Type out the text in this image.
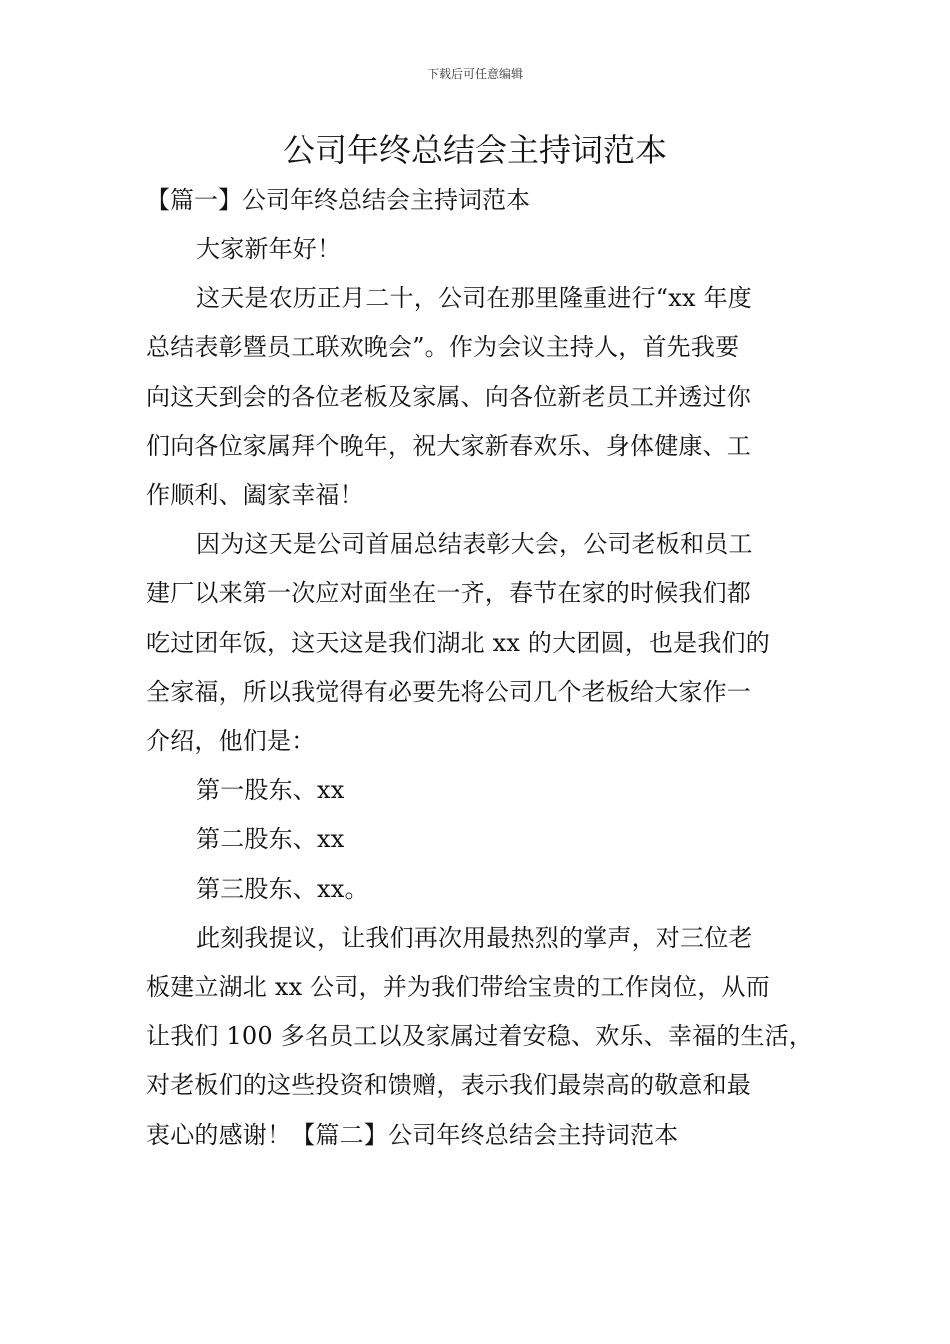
下载后可任意编辑
公司年终总结会主持词范本
【篇一】公司年终总结会主持词范本

大家新年好！

这天是农历正月二十，公司在那里隆重进行“xx 年度
总结表彰暨员工联欢晚会”。作为会议主持人，首先我要
向这天到会的各位老板及家属、向各位新老员工并透过你
们向各位家属拜个晚年，祝大家新春欢乐、身体健康、工
作顺利、阖家幸福！

因为这天是公司首届总结表彰大会，公司老板和员工
建厂以来第一次应对面坐在一齐，春节在家的时候我们都
吃过团年饭，这天这是我们湖北 xx 的大团圆，也是我们的
全家福，所以我觉得有必要先将公司几个老板给大家作一
介绍，他们是：

第一股东、xx

第二股东、xx

第三股东、xx。

此刻我提议，让我们再次用最热烈的掌声，对三位老
板建立湖北 xx 公司，并为我们带给宝贵的工作岗位，从而
让我们 100 多名员工以及家属过着安稳、欢乐、幸福的生活，
对老板们的这些投资和馈赠，表示我们最崇高的敬意和最
衷心的感谢！【篇二】公司年终总结会主持词范本
